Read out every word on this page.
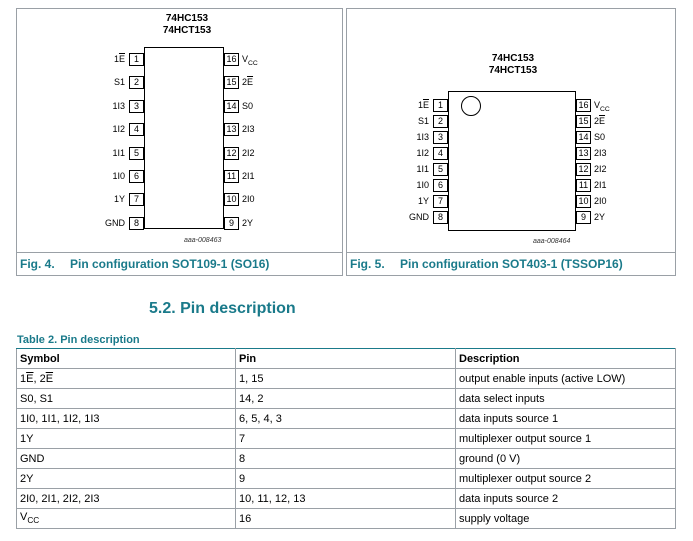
74HC153
74HCT153
1
$1\overline{E}$
2
S1
3
1I3
4
1I2
5
1I1
6
1I0
7
1Y
8
GND
16 $V_{CC}$
15 $2\overline{E}$
14 S0
13 2I3
12 2I2
11 2I1
10 2I0
9 2Y
aaa-008463
Fig. 4. Pin configuration SOT109-1 (SO16)
74HC153
74HCT153
1
$1\overline{E}$
2
S1
3
1I3
4
1I2
5
1I1
6
1I0
7
1Y
8
GND
16 $V_{CC}$
15 $2\overline{E}$
14 S0
13 2I3
12 2I2
11 2I1
10 2I0
9 2Y
aaa-008464
Fig. 5. Pin configuration SOT403-1 (TSSOP16)
5.2. Pin description
Table 2. Pin description
Symbol	Pin	Description
$1\overline{E}$, $2\overline{E}$	1, 15	output enable inputs (active LOW)
S0, S1	14, 2	data select inputs
1I0, 1I1, 1I2, 1I3	6, 5, 4, 3	data inputs source 1
1Y	7	multiplexer output source 1
GND	8	ground (0 V)
2Y	9	multiplexer output source 2
2I0, 2I1, 2I2, 2I3	10, 11, 12, 13	data inputs source 2
$V_{CC}$	16	supply voltage
